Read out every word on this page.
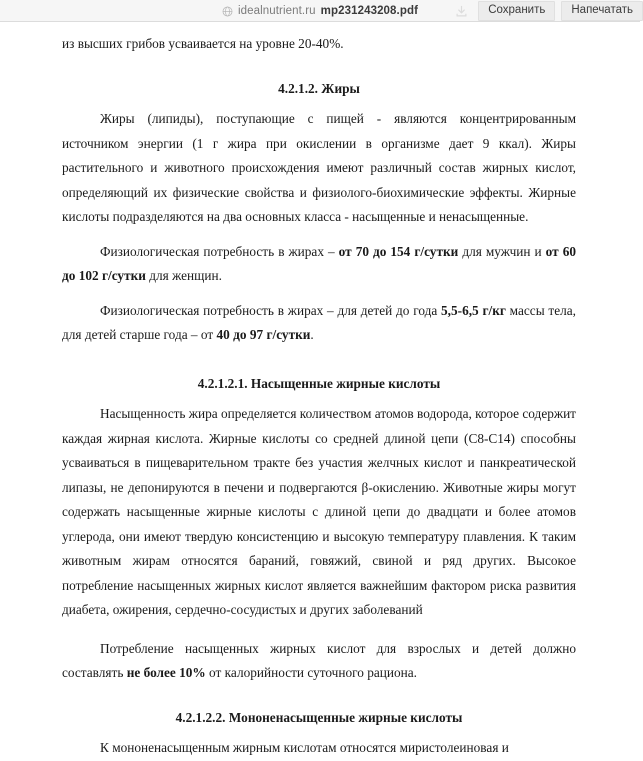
idealnutrient.ru mp231243208.pdf	Сохранить	Напечатать

из высших грибов усваивается на уровне 20-40%.

4.2.1.2. Жиры

Жиры (липиды), поступающие с пищей - являются концентрированным источником энергии (1 г жира при окислении в организме дает 9 ккал). Жиры растительного и животного происхождения имеют различный состав жирных кислот, определяющий их физические свойства и физиолого-биохимические эффекты. Жирные кислоты подразделяются на два основных класса - насыщенные и ненасыщенные.

Физиологическая потребность в жирах – от 70 до 154 г/сутки для мужчин и от 60 до 102 г/сутки для женщин.

Физиологическая потребность в жирах – для детей до года 5,5-6,5 г/кг массы тела, для детей старше года – от 40 до 97 г/сутки.

4.2.1.2.1. Насыщенные жирные кислоты

Насыщенность жира определяется количеством атомов водорода, которое содержит каждая жирная кислота. Жирные кислоты со средней длиной цепи (С8-С14) способны усваиваться в пищеварительном тракте без участия желчных кислот и панкреатической липазы, не депонируются в печени и подвергаются β-окислению. Животные жиры могут содержать насыщенные жирные кислоты с длиной цепи до двадцати и более атомов углерода, они имеют твердую консистенцию и высокую температуру плавления. К таким животным жирам относятся бараний, говяжий, свиной и ряд других. Высокое потребление насыщенных жирных кислот является важнейшим фактором риска развития диабета, ожирения, сердечно-сосудистых и других заболеваний

Потребление насыщенных жирных кислот для взрослых и детей должно составлять не более 10% от калорийности суточного рациона.

4.2.1.2.2. Мононенасыщенные жирные кислоты

К мононенасыщенным жирным кислотам относятся миристолеиновая и
